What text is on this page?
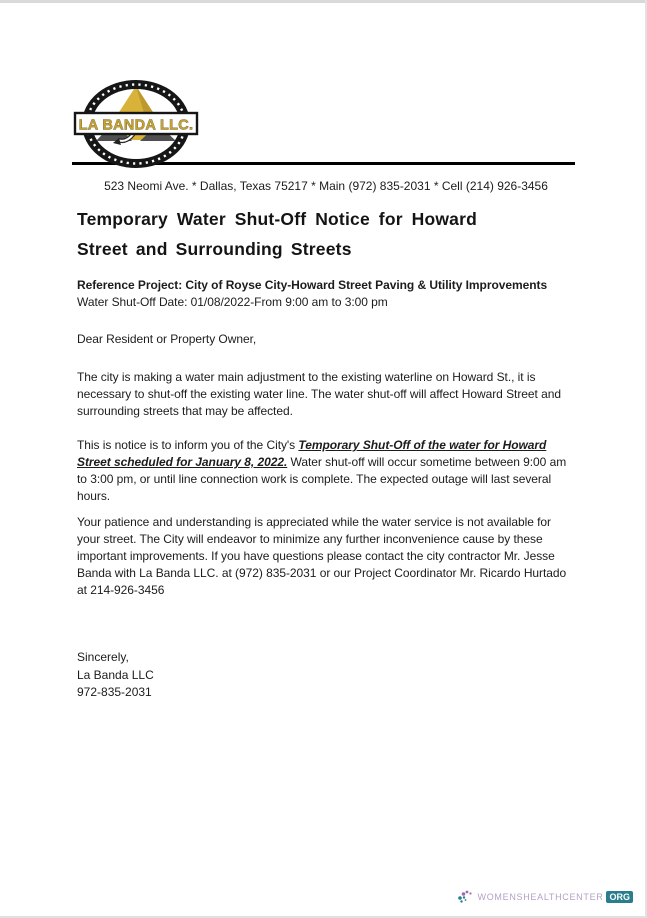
LA BANDA LLC.
523 Neomi Ave. * Dallas, Texas 75217 * Main (972) 835-2031 * Cell (214) 926-3456
Temporary Water Shut-Off Notice for Howard Street and Surrounding Streets

Reference Project: City of Royse City-Howard Street Paving & Utility Improvements

Water Shut-Off Date: 01/08/2022-From 9:00 am to 3:00 pm

Dear Resident or Property Owner,

The city is making a water main adjustment to the existing waterline on Howard St., it is necessary to shut-off the existing water line. The water shut-off will affect Howard Street and surrounding streets that may be affected.

This is notice is to inform you of the City's Temporary Shut-Off of the water for Howard Street scheduled for January 8, 2022. Water shut-off will occur sometime between 9:00 am to 3:00 pm, or until line connection work is complete. The expected outage will last several hours.

Your patience and understanding is appreciated while the water service is not available for your street. The City will endeavor to minimize any further inconvenience cause by these important improvements. If you have questions please contact the city contractor Mr. Jesse Banda with La Banda LLC. at (972) 835-2031 or our Project Coordinator Mr. Ricardo Hurtado at 214-926-3456

Sincerely,
La Banda LLC
972-835-2031
WOMENSHEALTHCENTER ORG
